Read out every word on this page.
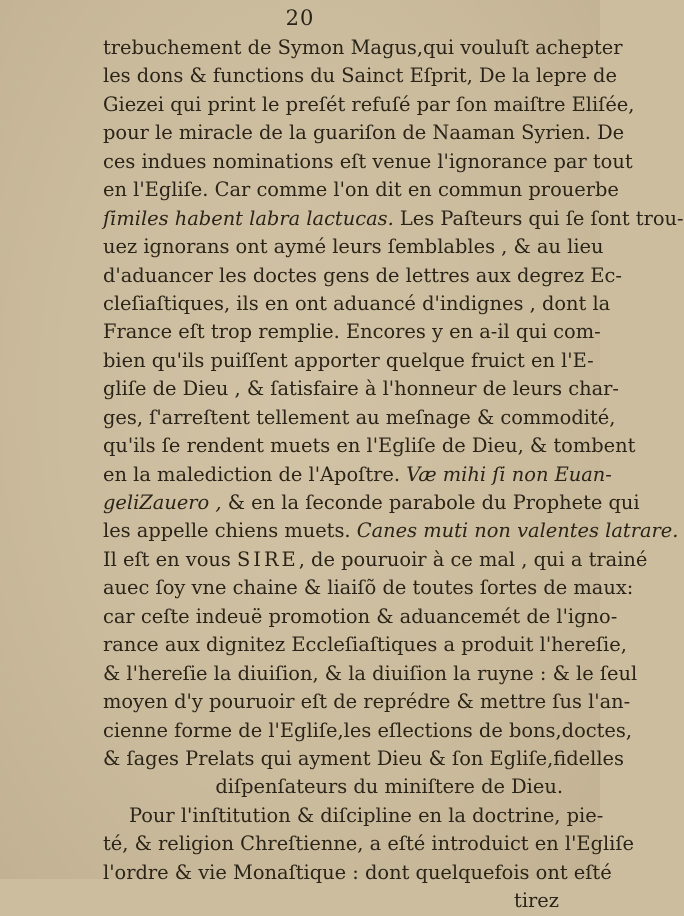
20
trebuchement de Symon Magus,qui vouluſt achepter
les dons & functions du Sainct Eſprit, De la lepre de
Giezei qui print le preſét refuſé par ſon maiſtre Eliſée,
pour le miracle de la guariſon de Naaman Syrien. De
ces indues nominations eſt venue l'ignorance par tout
en l'Egliſe. Car comme l'on dit en commun prouerbe
ſimiles habent labra lactucas. Les Paſteurs qui ſe ſont trou-
uez ignorans ont aymé leurs ſemblables , & au lieu
d'aduancer les doctes gens de lettres aux degrez Ec-
cleſiaſtiques, ils en ont aduancé d'indignes , dont la
France eſt trop remplie. Encores y en a-il qui com-
bien qu'ils puiſſent apporter quelque fruict en l'E-
gliſe de Dieu , & ſatisfaire à l'honneur de leurs char-
ges, ſ'arreſtent tellement au meſnage & commodité,
qu'ils ſe rendent muets en l'Egliſe de Dieu, & tombent
en la malediction de l'Apoſtre. Væ mihi ſi non Euan-
geliZauero , & en la ſeconde parabole du Prophete qui
les appelle chiens muets. Canes muti non valentes latrare.
Il eſt en vous SIRE, de pouruoir à ce mal , qui a trainé
auec ſoy vne chaine & liaiſõ de toutes ſortes de maux:
car ceſte indeuë promotion & aduancemét de l'igno-
rance aux dignitez Eccleſiaſtiques a produit l'hereſie,
& l'hereſie la diuiſion, & la diuiſion la ruyne : & le ſeul
moyen d'y pouruoir eſt de reprédre & mettre ſus l'an-
cienne forme de l'Egliſe,les eſlections de bons,doctes,
& ſages Prelats qui ayment Dieu & ſon Egliſe,fidelles
diſpenſateurs du miniſtere de Dieu.
Pour l'inſtitution & diſcipline en la doctrine, pie-
té, & religion Chreſtienne, a eſté introduict en l'Egliſe
l'ordre & vie Monaſtique : dont quelquefois ont eſté
tirez
